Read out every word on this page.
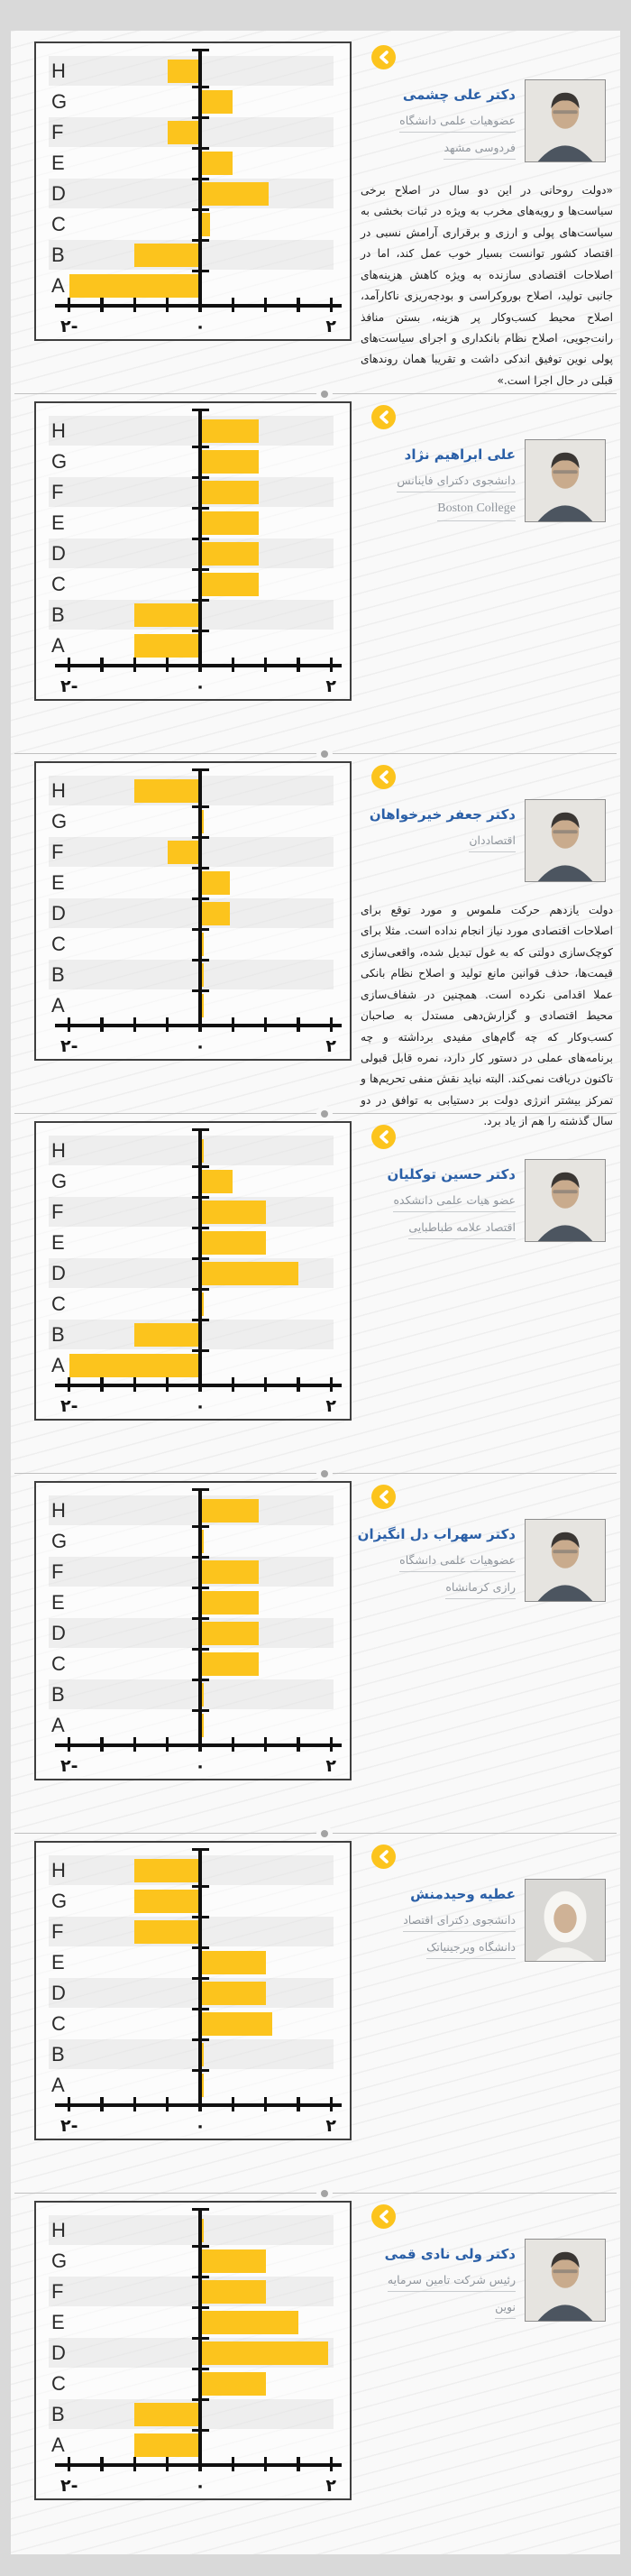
H
G
F
E
D
C
B
A
-۲	۰	۲
دکتر علی چشمی
عضوهیات علمی دانشگاه
فردوسی مشهد

«دولت روحانی در این دو سال در اصلاح برخی سیاست‌ها و رویه‌های مخرب به ویژه در ثبات بخشی به سیاست‌های پولی و ارزی و برقراری آرامش نسبی در اقتصاد کشور توانست بسیار خوب عمل کند، اما در اصلاحات اقتصادی سازنده به ویژه کاهش هزینه‌های جانبی تولید، اصلاح بوروکراسی و بودجه‌ریزی ناکارآمد، اصلاح محیط کسب‌وکار پر هزینه، بستن منافذ رانت‌جویی، اصلاح نظام بانکداری و اجرای سیاست‌های پولی نوین توفیق اندکی داشت و تقریبا همان روندهای قبلی در حال اجرا است.»

H
G
F
E
D
C
B
A
-۲	۰	۲
علی ابراهیم نژاد
دانشجوی دکترای فاینانس
Boston College
H
G
F
E
D
C
B
A
-۲	۰	۲
دکتر جعفر خیرخواهان
اقتصاددان

دولت یازدهم حرکت ملموس و مورد توقع برای اصلاحات اقتصادی مورد نیاز انجام نداده است. مثلا برای کوچک‌سازی دولتی که به غول تبدیل شده، واقعی‌سازی قیمت‌ها، حذف قوانین مانع تولید و اصلاح نظام بانکی عملا اقدامی نکرده است. همچنین در شفاف‌سازی محیط اقتصادی و گزارش‌دهی مستدل به صاحبان کسب‌وکار که چه گام‌های مفیدی برداشته و چه برنامه‌های عملی در دستور کار دارد، نمره قابل قبولی تاکنون دریافت نمی‌کند. البته نباید نقش منفی تحریم‌ها و تمرکز بیشتر انرژی دولت بر دستیابی به توافق در دو سال گذشته را هم از یاد برد.

H
G
F
E
D
C
B
A
-۲	۰	۲
دکتر حسین توکلیان
عضو هیات علمی دانشکده
اقتصاد علامه طباطبایی
H
G
F
E
D
C
B
A
-۲	۰	۲
دکتر سهراب دل انگیزان
عضوهیات علمی دانشگاه
رازی کرمانشاه
H
G
F
E
D
C
B
A
-۲	۰	۲
عطیه وحیدمنش
دانشجوی دکترای اقتصاد
دانشگاه ویرجینیاتک
H
G
F
E
D
C
B
A
-۲	۰	۲
دکتر ولی نادی قمی
رئیس شرکت تامین سرمایه
نوین
